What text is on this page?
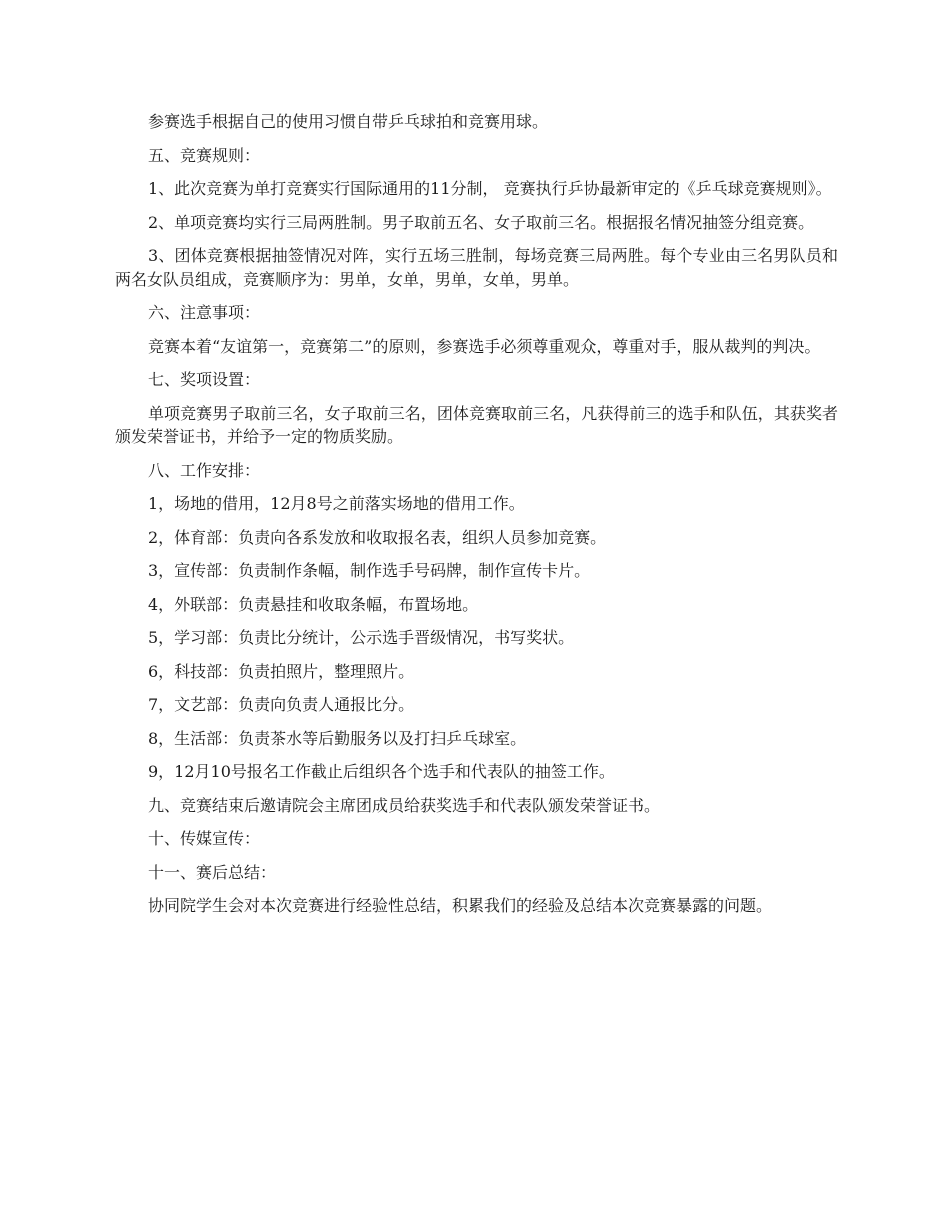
参赛选手根据自己的使用习惯自带乒乓球拍和竞赛用球。

五、竞赛规则：

1、此次竞赛为单打竞赛实行国际通用的11分制， 竞赛执行乒协最新审定的《乒乓球竞赛规则》。

2、单项竞赛均实行三局两胜制。男子取前五名、女子取前三名。根据报名情况抽签分组竞赛。

3、团体竞赛根据抽签情况对阵，实行五场三胜制，每场竞赛三局两胜。每个专业由三名男队员和两名女队员组成，竞赛顺序为：男单，女单，男单，女单，男单。

六、注意事项：

竞赛本着“友谊第一，竞赛第二”的原则，参赛选手必须尊重观众，尊重对手，服从裁判的判决。

七、奖项设置：

单项竞赛男子取前三名，女子取前三名，团体竞赛取前三名，凡获得前三的选手和队伍，其获奖者颁发荣誉证书，并给予一定的物质奖励。

八、工作安排：

1，场地的借用，12月8号之前落实场地的借用工作。

2，体育部：负责向各系发放和收取报名表，组织人员参加竞赛。

3，宣传部：负责制作条幅，制作选手号码牌，制作宣传卡片。

4，外联部：负责悬挂和收取条幅，布置场地。

5，学习部：负责比分统计，公示选手晋级情况，书写奖状。

6，科技部：负责拍照片，整理照片。

7，文艺部：负责向负责人通报比分。

8，生活部：负责茶水等后勤服务以及打扫乒乓球室。

9，12月10号报名工作截止后组织各个选手和代表队的抽签工作。

九、竞赛结束后邀请院会主席团成员给获奖选手和代表队颁发荣誉证书。

十、传媒宣传：

十一、赛后总结：

协同院学生会对本次竞赛进行经验性总结，积累我们的经验及总结本次竞赛暴露的问题。
